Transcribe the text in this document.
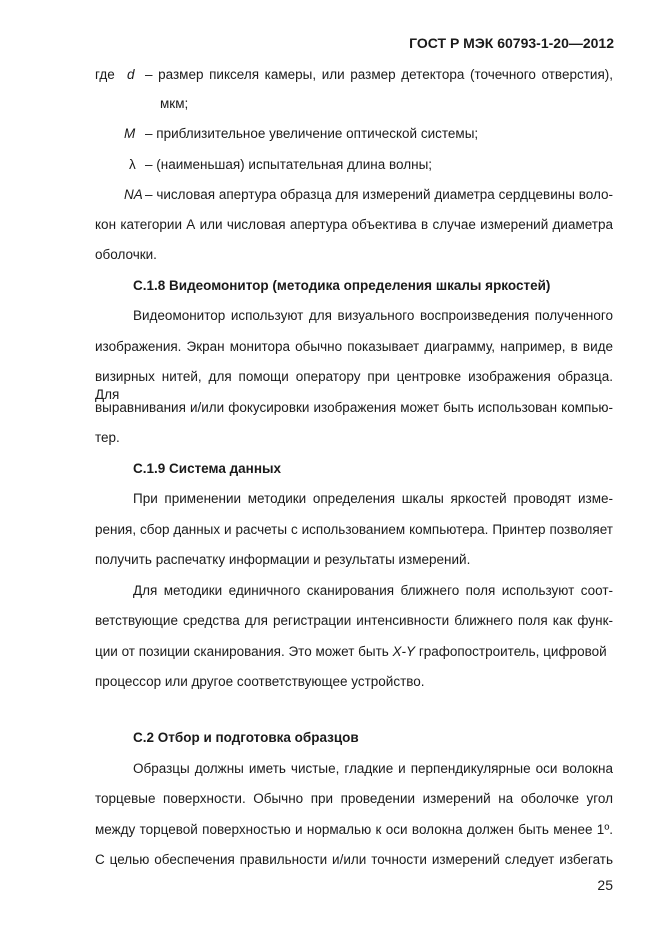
ГОСТ Р МЭК 60793-1-20—2012
где d – размер пикселя камеры, или размер детектора (точечного отверстия),
мкм;
M – приблизительное увеличение оптической системы;
λ – (наименьшая) испытательная длина волны;
NA – числовая апертура образца для измерений диаметра сердцевины воло-
кон категории А или числовая апертура объектива в случае измерений диаметра
оболочки.
С.1.8 Видеомонитор (методика определения шкалы яркостей)
Видеомонитор используют для визуального воспроизведения полученного
изображения. Экран монитора обычно показывает диаграмму, например, в виде
визирных нитей, для помощи оператору при центровке изображения образца. Для
выравнивания и/или фокусировки изображения может быть использован компью-
тер.
С.1.9 Система данных
При применении методики определения шкалы яркостей проводят изме-
рения, сбор данных и расчеты с использованием компьютера. Принтер позволяет
получить распечатку информации и результаты измерений.
Для методики единичного сканирования ближнего поля используют соот-
ветствующие средства для регистрации интенсивности ближнего поля как функ-
ции от позиции сканирования. Это может быть X-Y графопостроитель, цифровой
процессор или другое соответствующее устройство.
С.2 Отбор и подготовка образцов
Образцы должны иметь чистые, гладкие и перпендикулярные оси волокна
торцевые поверхности. Обычно при проведении измерений на оболочке угол
между торцевой поверхностью и нормалью к оси волокна должен быть менее 1º.
С целью обеспечения правильности и/или точности измерений следует избегать
25
